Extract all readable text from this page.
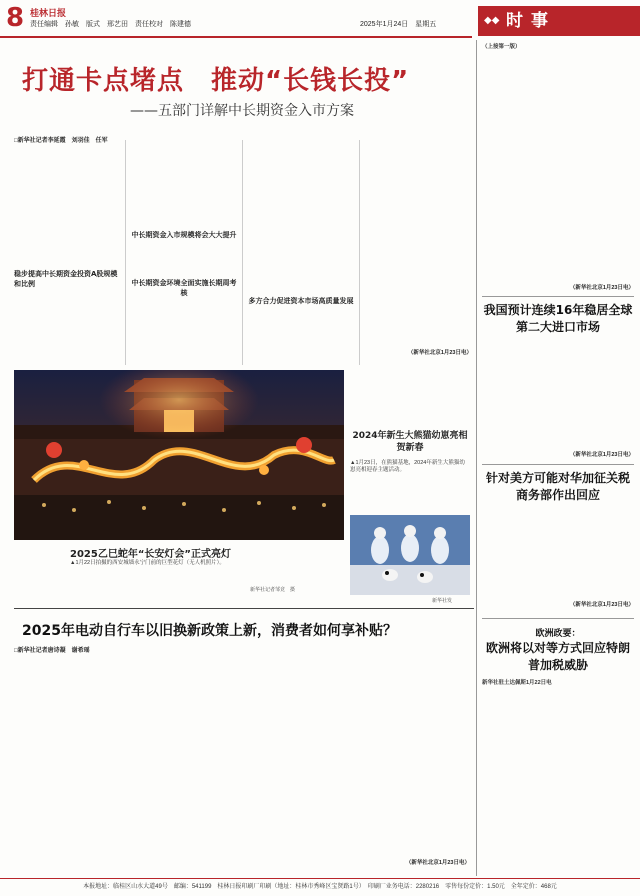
8 桂林日报
责任编辑　孙敏　版式　邢艺田　责任校对　陈建德	2025年1月24日　星期五	◆◆ 时事
打通卡点堵点　推动“长钱长投”
——五部门详解中长期资金入市方案
□新华社记者李延霞　刘羽佳　任军
稳步提高中长期资金投资A股规模和比例
中长期资金入市规模将会大大提升
中长期资金环境全面实施长期周考核
多方合力促进资本市场高质量发展
（新华社北京1月23日电）
2025乙巳蛇年“长安灯会”正式亮灯
▲1月22日拍摄的西安城墙永宁门前的巨型花灯（无人机照片）。
新华社记者邹竞　摄
2024年新生大熊猫幼崽亮相贺新春
▲1月23日，在熊猫基地，2024年新生大熊猫幼崽亮相迎春主题活动。
新华社发
2025年电动自行车以旧换新政策上新，消费者如何享补贴？
□新华社记者唐诗凝　谢希瑶
（新华社北京1月23日电）
（上接第一版）
（新华社北京1月23日电）
我国预计连续16年稳居全球第二大进口市场
（新华社北京1月23日电）
针对美方可能对华加征关税商务部作出回应
（新华社北京1月23日电）
欧洲政要：
欧洲将以对等方式回应特朗普加税威胁
新华社驻土达佩斯1月22日电
本报地址：临桂区山水大道49号　邮编：541199　桂林日报印刷厂印刷（地址：桂林市秀峰区宝贤路1号）　印刷厂业务电话：2280216　零售每份定价：1.50元　全年定价：468元
